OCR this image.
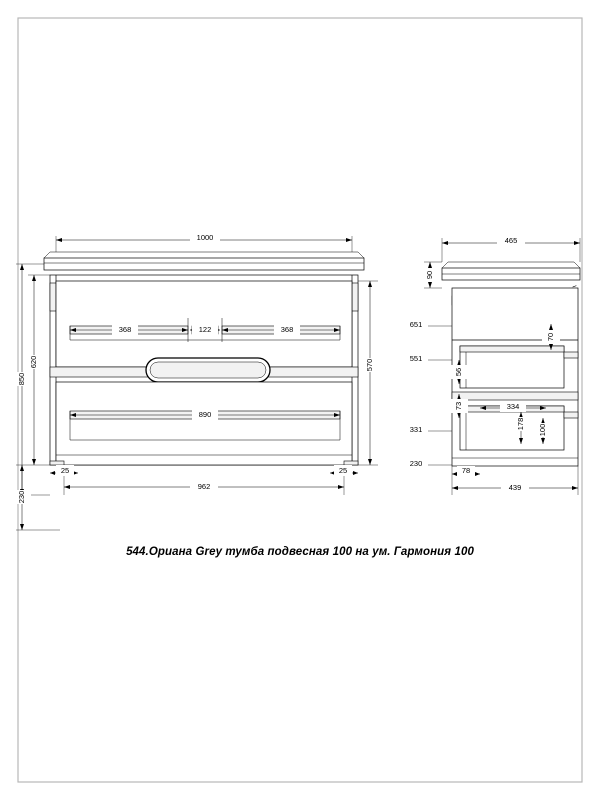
1000
368	122	368
890
962
25	25
850
620
230
570
465
439
78
90
651
551
331
230
70
56
73	334
178 100
544.Ориана Grey тумба подвесная 100 на ум. Гармония 100
